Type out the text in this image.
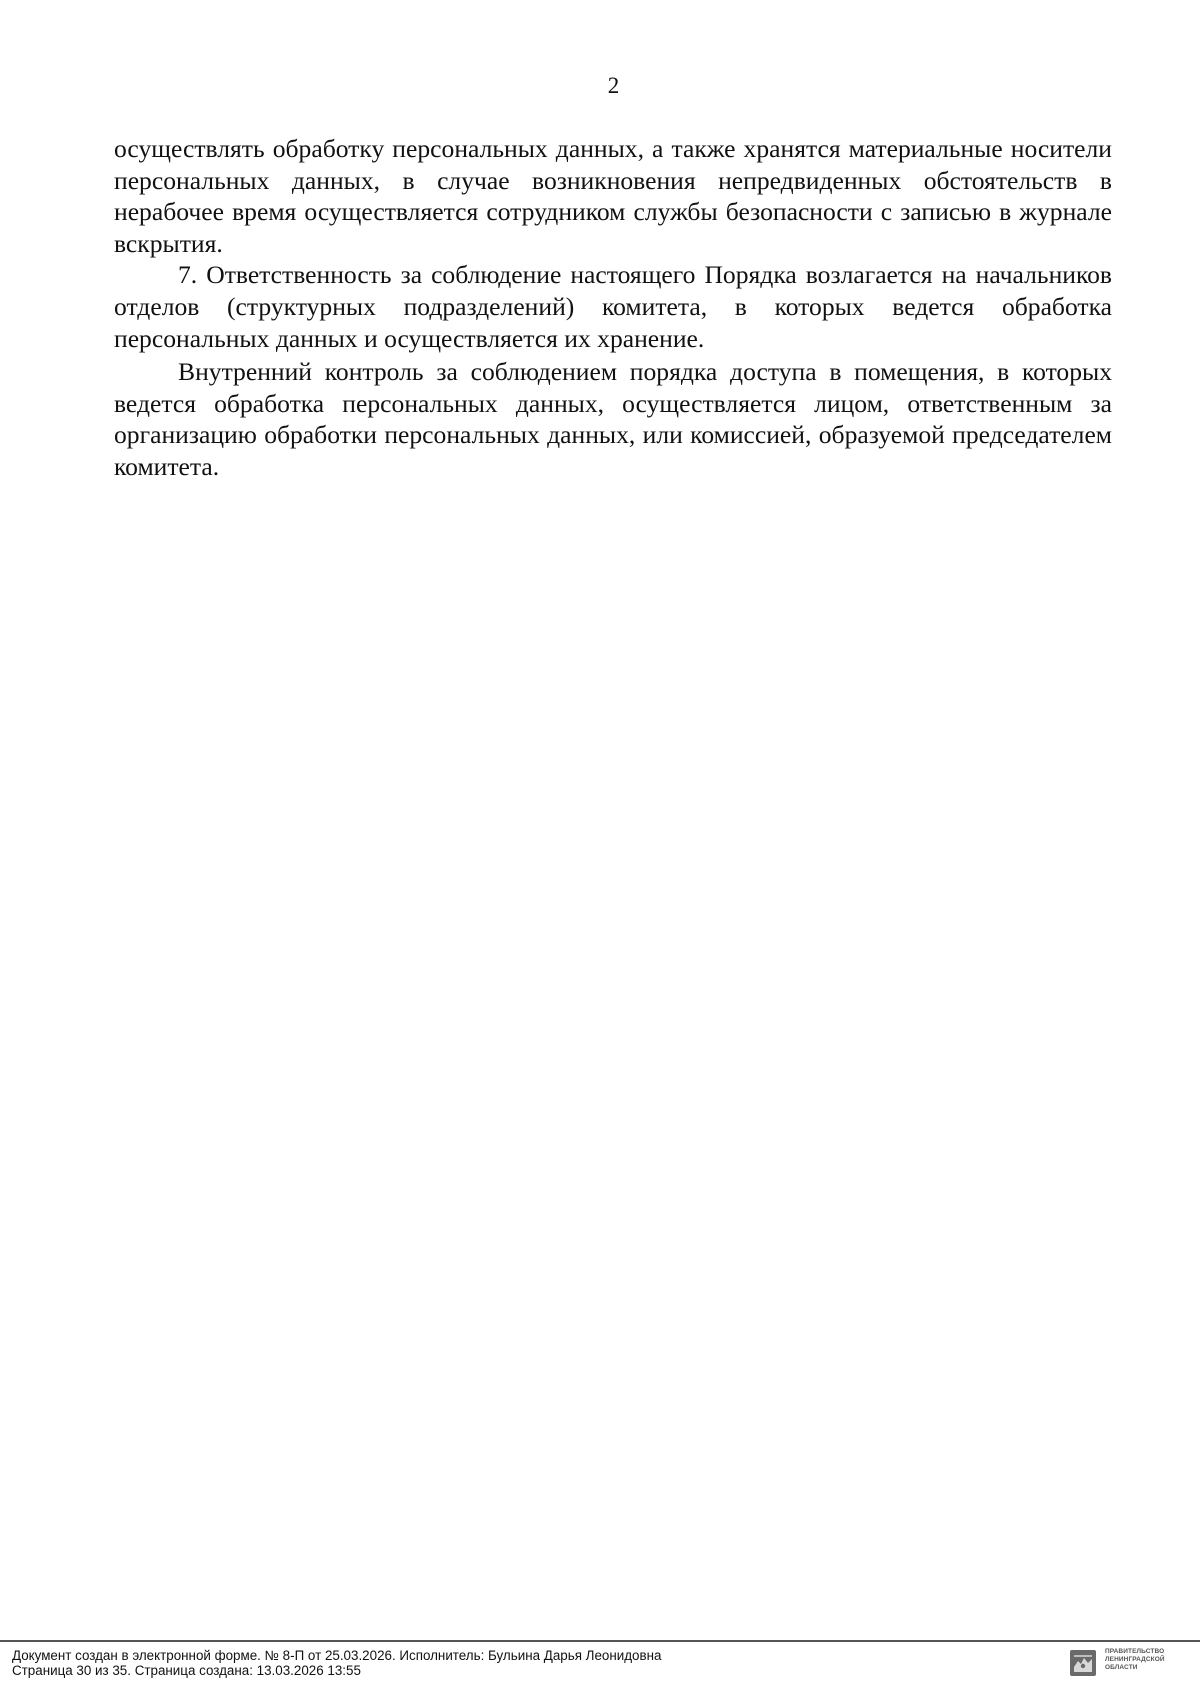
2

осуществлять обработку персональных данных, а также хранятся материальные носители персональных данных, в случае возникновения непредвиденных обстоятельств в нерабочее время осуществляется сотрудником службы безопасности с записью в журнале вскрытия.

7. Ответственность за соблюдение настоящего Порядка возлагается на начальников отделов (структурных подразделений) комитета, в которых ведется обработка персональных данных и осуществляется их хранение.

Внутренний контроль за соблюдением порядка доступа в помещения, в которых ведется обработка персональных данных, осуществляется лицом, ответственным за организацию обработки персональных данных, или комиссией, образуемой председателем комитета.

Документ создан в электронной форме. № 8-П от 25.03.2026. Исполнитель: Бульина Дарья Леонидовна
Страница 30 из 35. Страница создана: 13.03.2026 13:55
ПРАВИТЕЛЬСТВО
ЛЕНИНГРАДСКОЙ
ОБЛАСТИ
